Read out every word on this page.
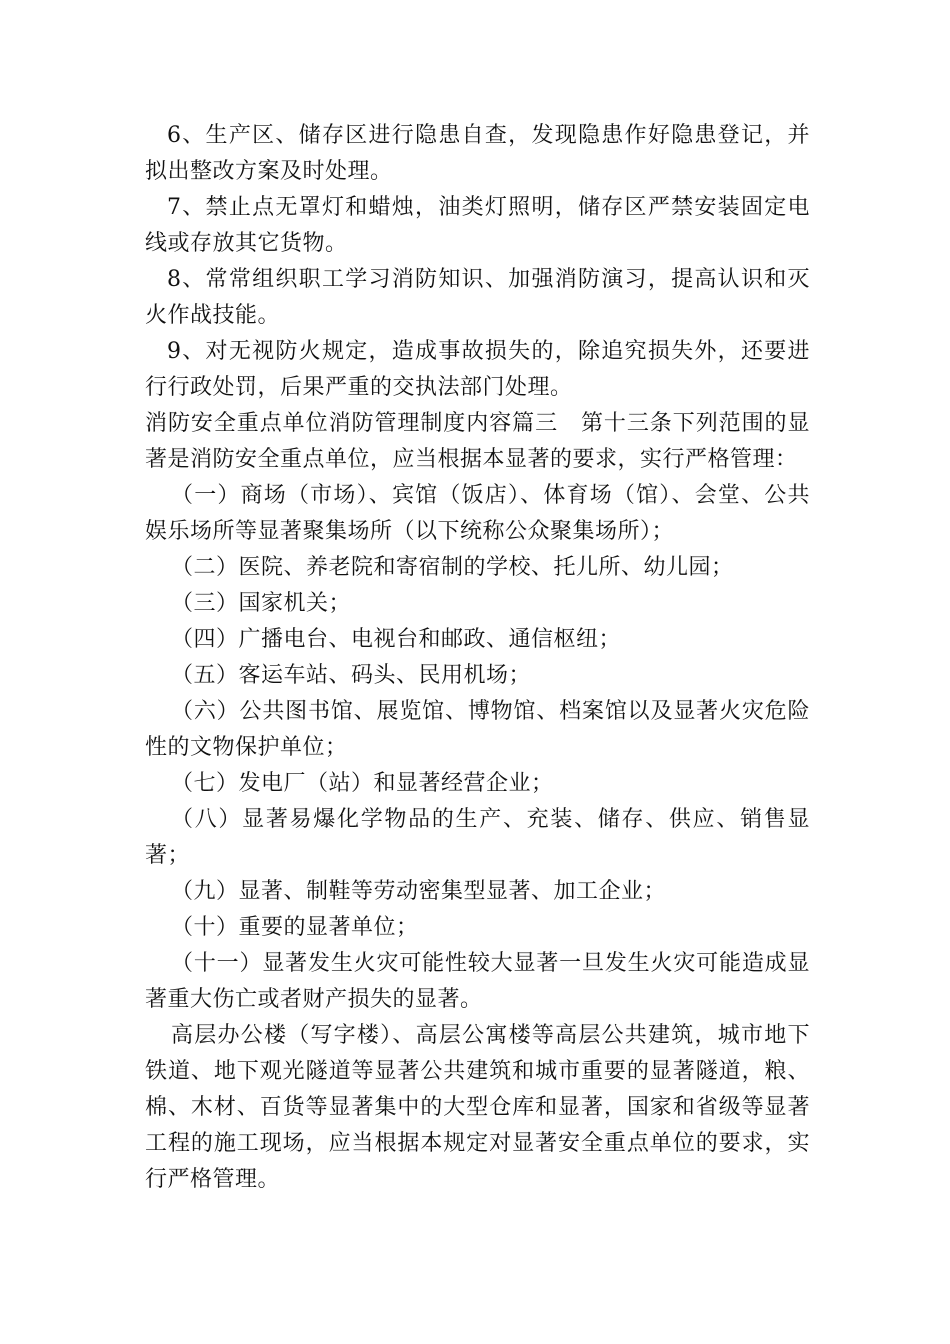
6、生产区、储存区进行隐患自查，发现隐患作好隐患登记，并拟出整改方案及时处理。

7、禁止点无罩灯和蜡烛，油类灯照明，储存区严禁安装固定电线或存放其它货物。

8、常常组织职工学习消防知识、加强消防演习，提高认识和灭火作战技能。

9、对无视防火规定，造成事故损失的，除追究损失外，还要进行行政处罚，后果严重的交执法部门处理。

消防安全重点单位消防管理制度内容篇三　第十三条下列范围的显著是消防安全重点单位，应当根据本显著的要求，实行严格管理：

（一）商场（市场）、宾馆（饭店）、体育场（馆）、会堂、公共娱乐场所等显著聚集场所（以下统称公众聚集场所）；

（二）医院、养老院和寄宿制的学校、托儿所、幼儿园；

（三）国家机关；

（四）广播电台、电视台和邮政、通信枢纽；

（五）客运车站、码头、民用机场；

（六）公共图书馆、展览馆、博物馆、档案馆以及显著火灾危险性的文物保护单位；

（七）发电厂（站）和显著经营企业；

（八）显著易爆化学物品的生产、充装、储存、供应、销售显著；

（九）显著、制鞋等劳动密集型显著、加工企业；

（十）重要的显著单位；

（十一）显著发生火灾可能性较大显著一旦发生火灾可能造成显著重大伤亡或者财产损失的显著。

高层办公楼（写字楼）、高层公寓楼等高层公共建筑，城市地下铁道、地下观光隧道等显著公共建筑和城市重要的显著隧道，粮、棉、木材、百货等显著集中的大型仓库和显著，国家和省级等显著工程的施工现场，应当根据本规定对显著安全重点单位的要求，实行严格管理。
